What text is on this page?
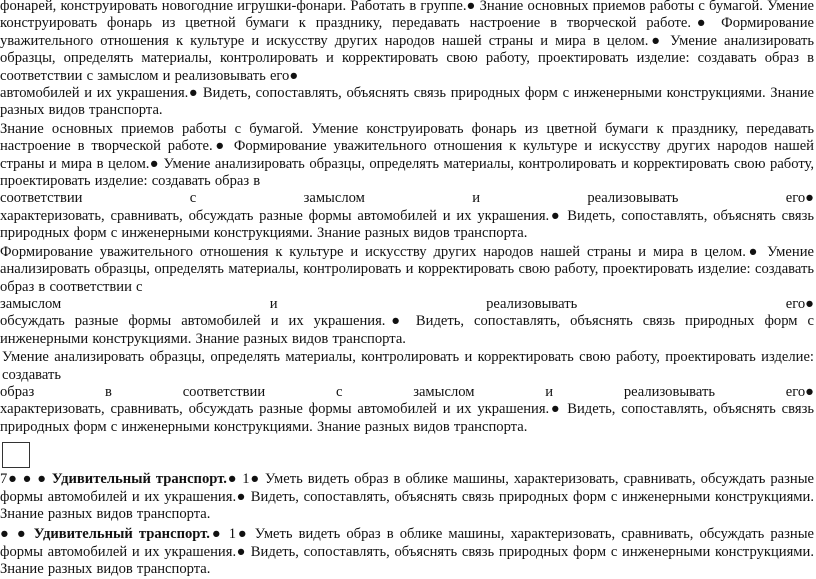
фонарей, конструировать новогодние игрушки-фонари. Работать в группе.● Знание основных приемов работы с бумагой. Умение конструировать фонарь из цветной бумаги к празднику, передавать настроение в творческой работе.● Формирование уважительного отношения к культуре и искусству других народов нашей страны и мира в целом.● Умение анализировать образцы, определять материалы, контролировать и корректировать свою работу, проектировать изделие: создавать образ в соответствии с замыслом и реализовывать его●
автомобилей и их украшения.● Видеть, сопоставлять, объяснять связь природных форм с инженерными конструкциями. Знание разных видов транспорта.
Знание основных приемов работы с бумагой. Умение конструировать фонарь из цветной бумаги к празднику, передавать настроение в творческой работе.● Формирование уважительного отношения к культуре и искусству других народов нашей страны и мира в целом.● Умение анализировать образцы, определять материалы, контролировать и корректировать свою работу, проектировать изделие: создавать образ в
соответствии	с	замыслом	и	реализовывать	его●
характеризовать, сравнивать, обсуждать разные формы автомобилей и их украшения.● Видеть, сопоставлять, объяснять связь природных форм с инженерными конструкциями. Знание разных видов транспорта.
Формирование уважительного отношения к культуре и искусству других народов нашей страны и мира в целом.● Умение анализировать образцы, определять материалы, контролировать и корректировать свою работу, проектировать изделие: создавать образ в соответствии с
замыслом	и	реализовывать	его●
обсуждать разные формы автомобилей и их украшения.● Видеть, сопоставлять, объяснять связь природных форм с инженерными конструкциями. Знание разных видов транспорта.
Умение анализировать образцы, определять материалы, контролировать и корректировать свою работу, проектировать изделие: создавать
образ	в	соответствии	с	замыслом	и	реализовывать	его●
характеризовать, сравнивать, обсуждать разные формы автомобилей и их украшения.● Видеть, сопоставлять, объяснять связь природных форм с инженерными конструкциями. Знание разных видов транспорта.
7● ● ● Удивительный транспорт.● 1● Уметь видеть образ в облике машины, характеризовать, сравнивать, обсуждать разные формы автомобилей и их украшения.● Видеть, сопоставлять, объяснять связь природных форм с инженерными конструкциями. Знание разных видов транспорта.
● ● Удивительный транспорт.● 1● Уметь видеть образ в облике машины, характеризовать, сравнивать, обсуждать разные формы автомобилей и их украшения.● Видеть, сопоставлять, объяснять связь природных форм с инженерными конструкциями. Знание разных видов транспорта.
